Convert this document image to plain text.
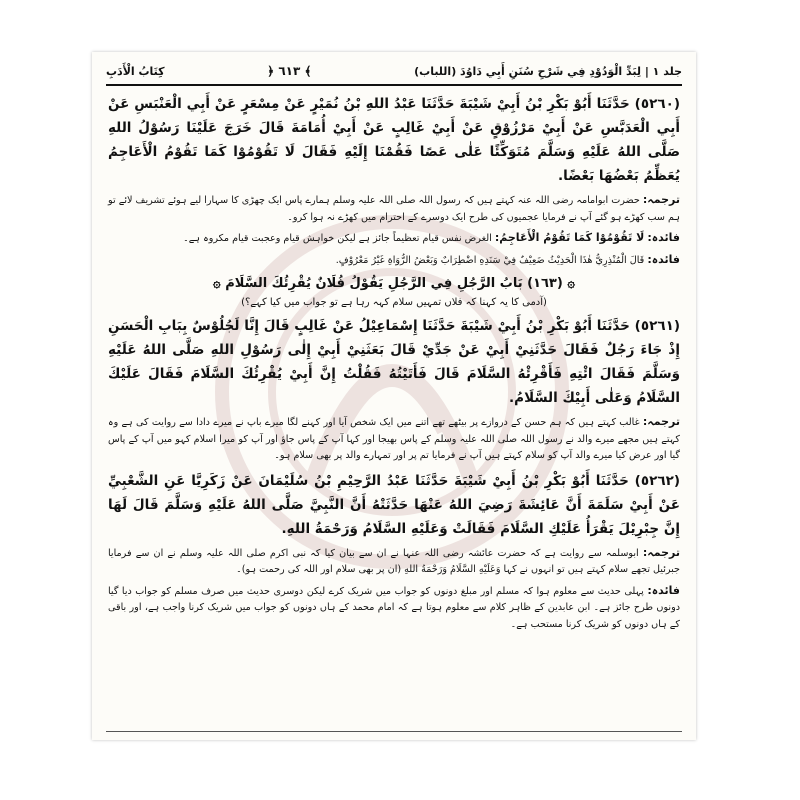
جلد ١ | لِبَدِّ الْوَدُوْدِ فِي شَرْحِ سُنَنِ أَبِي دَاوُدَ (اللباب)
﴾ ٦١٣ ﴿
كِتَابُ الْأَدَبِ

(٥٢٦٠) حَدَّثَنَا أَبُوْ بَكْرِ بْنُ أَبِيْ شَيْبَةَ حَدَّثَنَا عَبْدُ اللهِ بْنُ نُمَيْرٍ عَنْ مِسْعَرٍ عَنْ أَبِي الْعَنْبَسِ عَنْ أَبِي الْعَدَبَّسِ عَنْ أَبِيْ مَرْزُوْقٍ عَنْ أَبِيْ غَالِبٍ عَنْ أَبِيْ أُمَامَةَ قَالَ خَرَجَ عَلَيْنَا رَسُوْلُ اللهِ صَلَّى اللهُ عَلَيْهِ وَسَلَّمَ مُتَوَكِّئًا عَلٰى عَصًا فَقُمْنَا إِلَيْهِ فَقَالَ لَا تَقُوْمُوْا كَمَا تَقُوْمُ الْأَعَاجِمُ يُعَظِّمُ بَعْضُهَا بَعْضًا.

ترجمہ: حضرت ابوامامہ رضی اللہ عنہ کہتے ہیں کہ رسول اللہ صلی اللہ علیہ وسلم ہمارے پاس ایک چھڑی کا سہارا لیے ہوئے تشریف لائے تو ہم سب کھڑے ہو گئے آپ نے فرمایا عجمیوں کی طرح ایک دوسرے کے احترام میں کھڑے نہ ہوا کرو۔

فائدہ: لَا تَقُوْمُوْا كَمَا تَقُوْمُ الْأَعَاجِمُ: الغرض نفس قیام تعظیماً جائز ہے لیکن خواہش قیام وعجبت قیام مکروہ ہے۔

فائدہ: قَالَ الْمُنْذِرِيُّ هٰذَا الْحَدِيْثُ ضَعِيْفٌ فِيْ سَنَدِهِ اضْطِرَابٌ وَبَعْضُ الرُّوَاةِ غَيْرُ مَعْرُوْفٍ.

۞ (١٦٣) بَابُ الرَّجُلِ فِي الرَّجُلِ يَقُوْلُ فُلَانٌ يُقْرِئُكَ السَّلَامَ ۞

(آدمی کا یہ کہنا کہ فلاں تمہیں سلام کہہ رہا ہے تو جواب میں کیا کہے؟)

(٥٢٦١) حَدَّثَنَا أَبُوْ بَكْرِ بْنُ أَبِيْ شَيْبَةَ حَدَّثَنَا إِسْمَاعِيْلُ عَنْ غَالِبٍ قَالَ إِنَّا لَجُلُوْسٌ بِبَابِ الْحَسَنِ إِذْ جَاءَ رَجُلٌ فَقَالَ حَدَّثَنِيْ أَبِيْ عَنْ جَدِّيْ قَالَ بَعَثَنِيْ أَبِيْ إِلٰى رَسُوْلِ اللهِ صَلَّى اللهُ عَلَيْهِ وَسَلَّمَ فَقَالَ ائْتِهِ فَأَقْرِئْهُ السَّلَامَ قَالَ فَأَتَيْتُهُ فَقُلْتُ إِنَّ أَبِيْ يُقْرِئُكَ السَّلَامَ فَقَالَ عَلَيْكَ السَّلَامُ وَعَلٰى أَبِيْكَ السَّلَامُ.

ترجمہ: غالب کہتے ہیں کہ ہم حسن کے دروازے پر بیٹھے تھے اتنے میں ایک شخص آیا اور کہنے لگا میرے باپ نے میرے دادا سے روایت کی ہے وہ کہتے ہیں مجھے میرے والد نے رسول اللہ صلی اللہ علیہ وسلم کے پاس بھیجا اور کہا آپ کے پاس جاؤ اور آپ کو میرا اسلام کہو میں آپ کے پاس گیا اور عرض کیا میرے والد آپ کو سلام کہتے ہیں آپ نے فرمایا تم پر اور تمہارے والد پر بھی سلام ہو۔

(٥٢٦٢) حَدَّثَنَا أَبُوْ بَكْرِ بْنُ أَبِيْ شَيْبَةَ حَدَّثَنَا عَبْدُ الرَّحِيْمِ بْنُ سُلَيْمَانَ عَنْ زَكَرِيَّا عَنِ الشَّعْبِيِّ عَنْ أَبِيْ سَلَمَةَ أَنَّ عَائِشَةَ رَضِيَ اللهُ عَنْهَا حَدَّثَتْهُ أَنَّ النَّبِيَّ صَلَّى اللهُ عَلَيْهِ وَسَلَّمَ قَالَ لَهَا إِنَّ جِبْرِيْلَ يَقْرَأُ عَلَيْكِ السَّلَامَ فَقَالَتْ وَعَلَيْهِ السَّلَامُ وَرَحْمَةُ اللهِ.

ترجمہ: ابوسلمہ سے روایت ہے کہ حضرت عائشہ رضی اللہ عنہا نے ان سے بیان کیا کہ نبی اکرم صلی اللہ علیہ وسلم نے ان سے فرمایا جبرئیل تجھے سلام کہتے ہیں تو انہوں نے کہا وَعَلَيْهِ السَّلَامُ وَرَحْمَةُ اللهِ (ان پر بھی سلام اور اللہ کی رحمت ہو)۔

فائدہ: پہلی حدیث سے معلوم ہوا کہ مسلم اور مبلغ دونوں کو جواب میں شریک کرے لیکن دوسری حدیث میں صرف مسلم کو جواب دیا گیا دونوں طرح جائز ہے۔ ابن عابدین کے ظاہر کلام سے معلوم ہوتا ہے کہ امام محمد کے ہاں دونوں کو جواب میں شریک کرنا واجب ہے، اور باقی کے ہاں دونوں کو شریک کرنا مستحب ہے۔
